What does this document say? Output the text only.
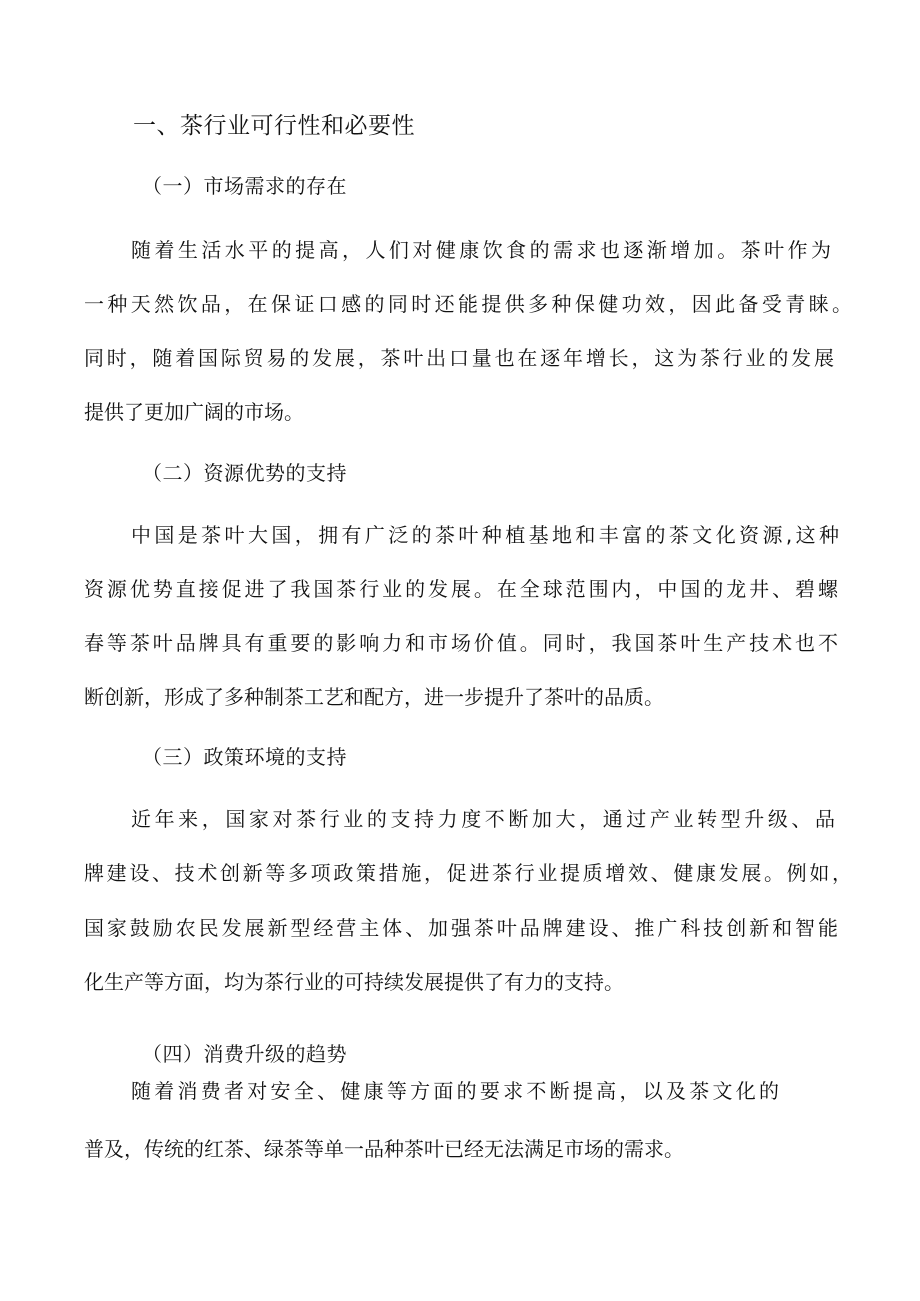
一、茶行业可行性和必要性
（一）市场需求的存在
随着生活水平的提高，人们对健康饮食的需求也逐渐增加。茶叶作为
一种天然饮品，在保证口感的同时还能提供多种保健功效，因此备受青睐。
同时，随着国际贸易的发展，茶叶出口量也在逐年增长，这为茶行业的发展
提供了更加广阔的市场。
（二）资源优势的支持
中国是茶叶大国，拥有广泛的茶叶种植基地和丰富的茶文化资源,这种
资源优势直接促进了我国茶行业的发展。在全球范围内，中国的龙井、碧螺
春等茶叶品牌具有重要的影响力和市场价值。同时，我国茶叶生产技术也不
断创新，形成了多种制茶工艺和配方，进一步提升了茶叶的品质。
（三）政策环境的支持
近年来，国家对茶行业的支持力度不断加大，通过产业转型升级、品
牌建设、技术创新等多项政策措施，促进茶行业提质增效、健康发展。例如，
国家鼓励农民发展新型经营主体、加强茶叶品牌建设、推广科技创新和智能
化生产等方面，均为茶行业的可持续发展提供了有力的支持。
（四）消费升级的趋势
随着消费者对安全、健康等方面的要求不断提高，以及茶文化的
普及，传统的红茶、绿茶等单一品种茶叶已经无法满足市场的需求。
